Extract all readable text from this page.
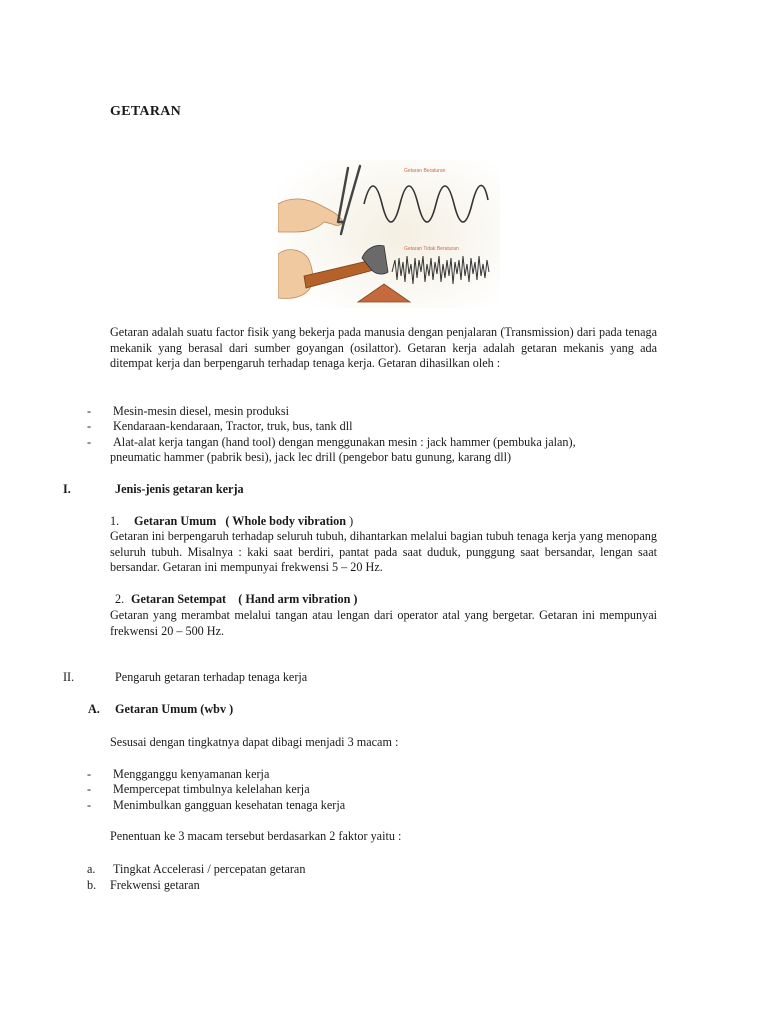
GETARAN
Getaran Beraturan
Getaran Tidak Beraturan
Getaran adalah suatu factor fisik yang bekerja pada manusia dengan penjalaran (Transmission) dari pada tenaga mekanik yang berasal dari sumber goyangan (osilattor). Getaran kerja adalah getaran mekanis yang ada ditempat kerja dan berpengaruh terhadap tenaga kerja. Getaran dihasilkan oleh :
- Mesin-mesin diesel, mesin produksi
- Kendaraan-kendaraan, Tractor, truk, bus, tank dll
- Alat-alat kerja tangan (hand tool) dengan menggunakan mesin : jack hammer (pembuka jalan),
pneumatic hammer (pabrik besi), jack lec drill (pengebor batu gunung, karang dll)
I.	Jenis-jenis getaran kerja
1. Getaran Umum   ( Whole body vibration )
Getaran ini berpengaruh terhadap seluruh tubuh, dihantarkan melalui bagian tubuh tenaga kerja yang menopang seluruh tubuh. Misalnya : kaki saat berdiri, pantat pada saat duduk, punggung saat bersandar, lengan saat bersandar. Getaran ini mempunyai frekwensi 5 – 20 Hz.
2. Getaran Setempat    ( Hand arm vibration )
Getaran yang merambat melalui tangan atau lengan dari operator atal yang bergetar. Getaran ini mempunyai frekwensi 20 – 500 Hz.
II.	Pengaruh getaran terhadap tenaga kerja
A. Getaran Umum (wbv )
Sesusai dengan tingkatnya dapat dibagi menjadi 3 macam :
- Mengganggu kenyamanan kerja
- Mempercepat timbulnya kelelahan kerja
- Menimbulkan gangguan kesehatan tenaga kerja
Penentuan ke 3 macam tersebut berdasarkan 2 faktor yaitu :
a. Tingkat Accelerasi / percepatan getaran
b. Frekwensi getaran
